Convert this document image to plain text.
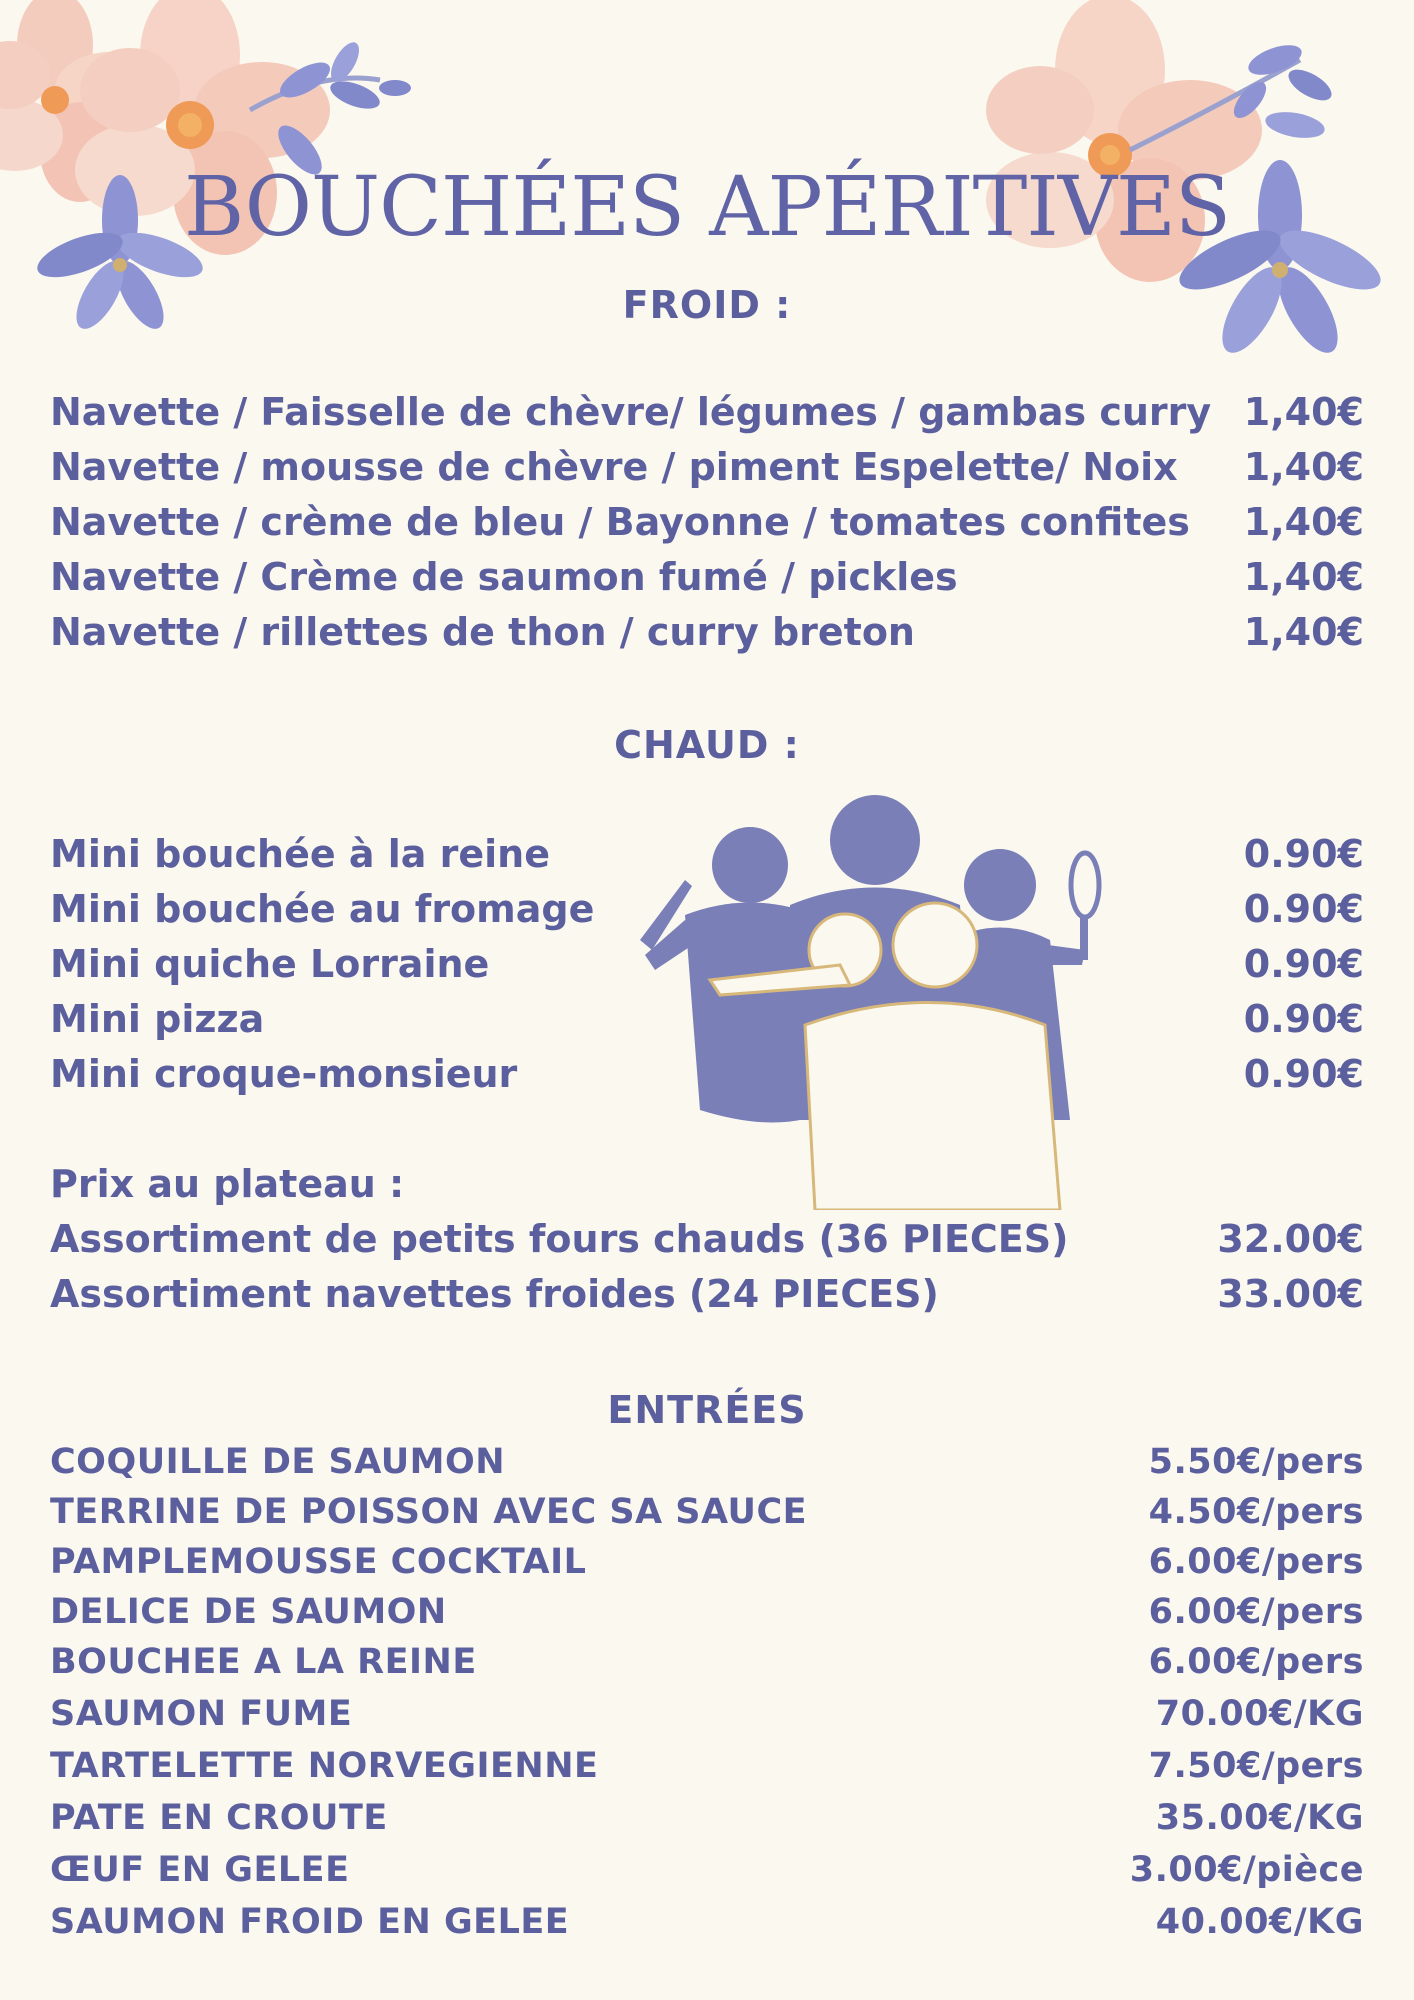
BOUCHÉES APÉRITIVES
FROID :
Navette / Faisselle de chèvre/ légumes / gambas curry 1,40€
Navette / mousse de chèvre / piment Espelette/ Noix 1,40€
Navette / crème de bleu / Bayonne / tomates confites 1,40€
Navette / Crème de saumon fumé / pickles	1,40€
Navette / rillettes de thon / curry breton	1,40€
CHAUD :
Mini bouchée à la reine	0.90€
Mini bouchée au fromage	0.90€
Mini quiche Lorraine	0.90€
Mini pizza	0.90€
Mini croque-monsieur	0.90€
Prix au plateau :
Assortiment de petits fours chauds (36 PIECES)	32.00€
Assortiment navettes froides (24 PIECES)	33.00€
ENTRÉES
COQUILLE DE SAUMON	5.50€/pers
TERRINE DE POISSON AVEC SA SAUCE	4.50€/pers
PAMPLEMOUSSE COCKTAIL	6.00€/pers
DELICE DE SAUMON	6.00€/pers
BOUCHEE A LA REINE	6.00€/pers
SAUMON FUME	70.00€/KG
TARTELETTE NORVEGIENNE	7.50€/pers
PATE EN CROUTE	35.00€/KG
ŒUF EN GELEE	3.00€/pièce
SAUMON FROID EN GELEE	40.00€/KG
